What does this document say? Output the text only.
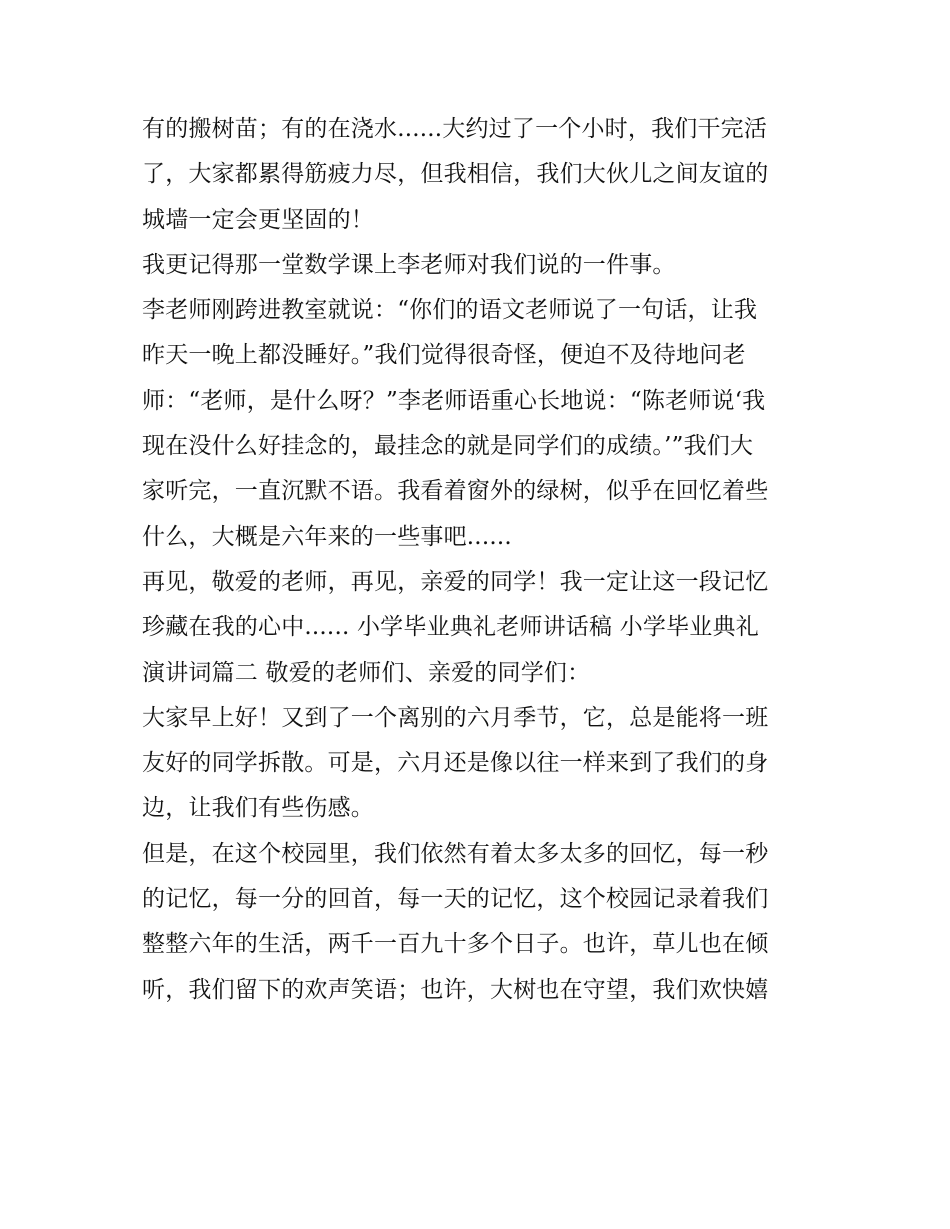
有的搬树苗；有的在浇水......大约过了一个小时，我们干完活
了，大家都累得筋疲力尽，但我相信，我们大伙儿之间友谊的
城墙一定会更坚固的！
我更记得那一堂数学课上李老师对我们说的一件事。
李老师刚跨进教室就说：“你们的语文老师说了一句话，让我
昨天一晚上都没睡好。”我们觉得很奇怪，便迫不及待地问老
师：“老师，是什么呀？”李老师语重心长地说：“陈老师说‘我
现在没什么好挂念的，最挂念的就是同学们的成绩。’”我们大
家听完，一直沉默不语。我看着窗外的绿树，似乎在回忆着些
什么，大概是六年来的一些事吧......
再见，敬爱的老师，再见，亲爱的同学！我一定让这一段记忆
珍藏在我的心中...... 小学毕业典礼老师讲话稿 小学毕业典礼
演讲词篇二 敬爱的老师们、亲爱的同学们：
大家早上好！又到了一个离别的六月季节，它，总是能将一班
友好的同学拆散。可是，六月还是像以往一样来到了我们的身
边，让我们有些伤感。
但是，在这个校园里，我们依然有着太多太多的回忆，每一秒
的记忆，每一分的回首，每一天的记忆，这个校园记录着我们
整整六年的生活，两千一百九十多个日子。也许，草儿也在倾
听，我们留下的欢声笑语；也许，大树也在守望，我们欢快嬉
